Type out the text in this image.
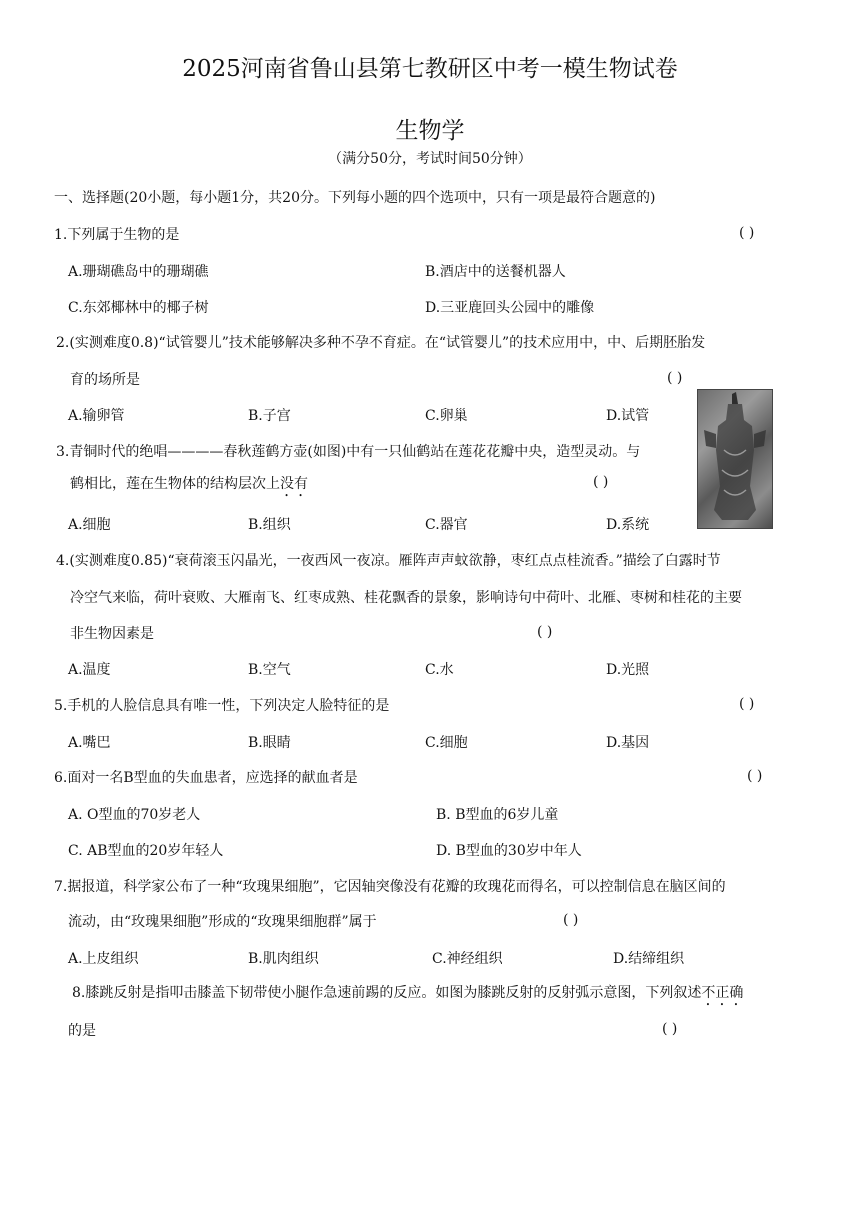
2025河南省鲁山县第七教研区中考一模生物试卷
生物学
（满分50分，考试时间50分钟）
一、选择题(20小题，每小题1分，共20分。下列每小题的四个选项中，只有一项是最符合题意的)
1.下列属于生物的是	( )
A.珊瑚礁岛中的珊瑚礁	B.酒店中的送餐机器人
C.东郊椰林中的椰子树	D.三亚鹿回头公园中的雕像
2.(实测难度0.8)“试管婴儿”技术能够解决多种不孕不育症。在“试管婴儿”的技术应用中，中、后期胚胎发
育的场所是	( )
A.输卵管	B.子宫	C.卵巢	D.试管
3.青铜时代的绝唱————春秋莲鹤方壶(如图)中有一只仙鹤站在莲花花瓣中央，造型灵动。与
鹤相比，莲在生物体的结构层次上没有	( )
A.细胞	B.组织	C.器官	D.系统
4.(实测难度0.85)“衰荷滚玉闪晶光，一夜西风一夜凉。雁阵声声蚊欲静，枣红点点桂流香。”描绘了白露时节
冷空气来临，荷叶衰败、大雁南飞、红枣成熟、桂花飘香的景象，影响诗句中荷叶、北雁、枣树和桂花的主要
非生物因素是	( )
A.温度	B.空气	C.水	D.光照
5.手机的人脸信息具有唯一性，下列决定人脸特征的是	( )
A.嘴巴	B.眼睛	C.细胞	D.基因
6.面对一名B型血的失血患者，应选择的献血者是	( )
A. O型血的70岁老人	B. B型血的6岁儿童
C. AB型血的20岁年轻人	D. B型血的30岁中年人
7.据报道，科学家公布了一种“玫瑰果细胞”，它因轴突像没有花瓣的玫瑰花而得名，可以控制信息在脑区间的
流动，由“玫瑰果细胞”形成的“玫瑰果细胞群”属于	( )
A.上皮组织	B.肌肉组织	C.神经组织	D.结缔组织
8.膝跳反射是指叩击膝盖下韧带使小腿作急速前踢的反应。如图为膝跳反射的反射弧示意图，下列叙述不正确
的是	( )
